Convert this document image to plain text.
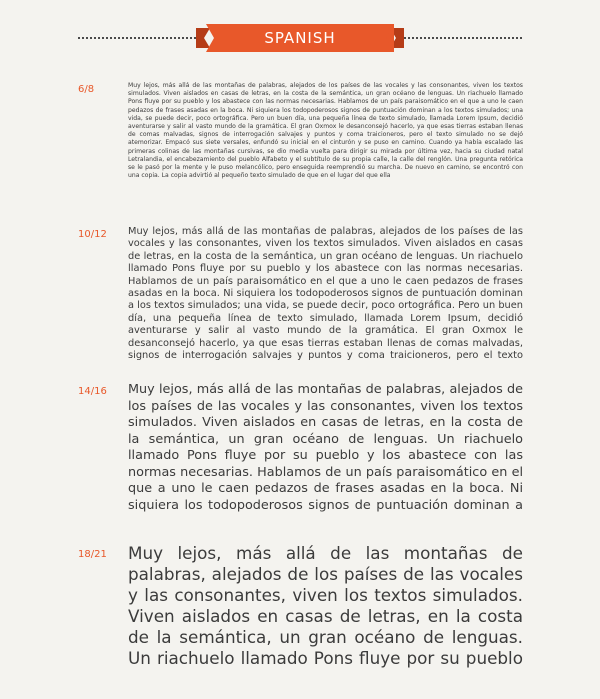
SPANISH
6/8	Muy lejos, más allá de las montañas de palabras, alejados de los países de las vocales y las consonantes, viven los textos simulados. Viven aislados en casas de letras, en la costa de la semántica, un gran océano de lenguas. Un riachuelo llamado Pons fluye por su pueblo y los abastece con las normas necesarias. Hablamos de un país paraisomático en el que a uno le caen pedazos de frases asadas en la boca. Ni siquiera los todopoderosos signos de puntuación dominan a los textos simulados; una vida, se puede decir, poco ortográfica. Pero un buen día, una pequeña línea de texto simulado, llamada Lorem Ipsum, decidió aventurarse y salir al vasto mundo de la gramática. El gran Oxmox le desanconsejó hacerlo, ya que esas tierras estaban llenas de comas malvadas, signos de interrogación salvajes y puntos y coma traicioneros, pero el texto simulado no se dejó atemorizar. Empacó sus siete versales, enfundó su inicial en el cinturón y se puso en camino. Cuando ya había escalado las primeras colinas de las montañas cursivas, se dio media vuelta para dirigir su mirada por última vez, hacia su ciudad natal Letralandia, el encabezamiento del pueblo Alfabeto y el subtítulo de su propia calle, la calle del renglón. Una pregunta retórica se le pasó por la mente y le puso melancólico, pero enseguida reemprendió su marcha. De nuevo en camino, se encontró con una copia. La copia advirtió al pequeño texto simulado de que en el lugar del que ella

10/12 Muy lejos, más allá de las montañas de palabras, alejados de los países de las vocales y las consonantes, viven los textos simulados. Viven aislados en casas de letras, en la costa de la semántica, un gran océano de lenguas. Un riachuelo llamado Pons fluye por su pueblo y los abastece con las normas necesarias. Hablamos de un país paraisomático en el que a uno le caen pedazos de frases asadas en la boca. Ni siquiera los todopoderosos signos de puntuación dominan a los textos simulados; una vida, se puede decir, poco ortográfica. Pero un buen día, una pequeña línea de texto simulado, llamada Lorem Ipsum, decidió aventurarse y salir al vasto mundo de la gramática. El gran Oxmox le desanconsejó hacerlo, ya que esas tierras estaban llenas de comas malvadas, signos de interrogación salvajes y puntos y coma traicioneros, pero el texto

14/16 Muy lejos, más allá de las montañas de palabras, alejados de los países de las vocales y las consonantes, viven los textos simulados. Viven aislados en casas de letras, en la costa de la semántica, un gran océano de lenguas. Un riachuelo llamado Pons fluye por su pueblo y los abastece con las normas necesarias. Hablamos de un país paraisomático en el que a uno le caen pedazos de frases asadas en la boca. Ni siquiera los todopoderosos signos de puntuación dominan a

18/21 Muy lejos, más allá de las montañas de palabras, alejados de los países de las vocales y las consonantes, viven los textos simulados. Viven aislados en casas de letras, en la costa de la semántica, un gran océano de lenguas. Un riachuelo llamado Pons fluye por su pueblo
